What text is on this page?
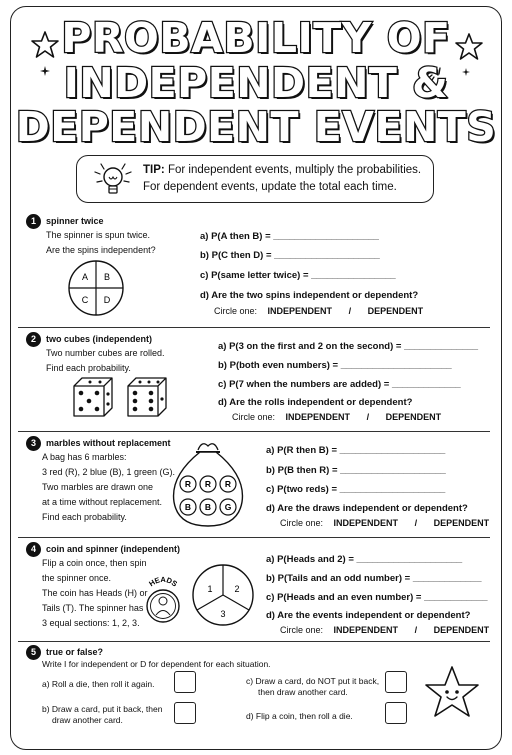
PROBABILITY OF
INDEPENDENT &
DEPENDENT EVENTS
TIP: For independent events, multiply the probabilities.
For dependent events, update the total each time.
1	spinner twice
The spinner is spun twice.
Are the spins independent?
A B
C D
a) P(A then B) = ____________________
b) P(C then D) = ____________________
c) P(same letter twice) = ________________
d) Are the two spins independent or dependent?
Circle one: INDEPENDENT / DEPENDENT
2	two cubes (independent)
Two number cubes are rolled.
Find each probability.
a) P(3 on the first and 2 on the second) = ______________
b) P(both even numbers) = _____________________
c) P(7 when the numbers are added) = _____________
d) Are the rolls independent or dependent?
Circle one: INDEPENDENT / DEPENDENT
3	marbles without replacement
A bag has 6 marbles:
3 red (R), 2 blue (B), 1 green (G).
Two marbles are drawn one
at a time without replacement.
Find each probability.
R R R
B B G
a) P(R then B) = ____________________
b) P(B then R) = ____________________
c) P(two reds) = ____________________
d) Are the draws independent or dependent?
Circle one: INDEPENDENT / DEPENDENT
4	coin and spinner (independent)
Flip a coin once, then spin
the spinner once.
The coin has Heads (H) or
Tails (T). The spinner has
3 equal sections: 1, 2, 3.
HEADS
1 2
3
a) P(Heads and 2) = ____________________
b) P(Tails and an odd number) = _____________
c) P(Heads and an even number) = ____________
d) Are the events independent or dependent?
Circle one: INDEPENDENT / DEPENDENT
5	true or false?
Write I for independent or D for dependent for each situation.
a) Roll a die, then roll it again.
b) Draw a card, put it back, then
draw another card.
c) Draw a card, do NOT put it back,
then draw another card.
d) Flip a coin, then roll a die.
